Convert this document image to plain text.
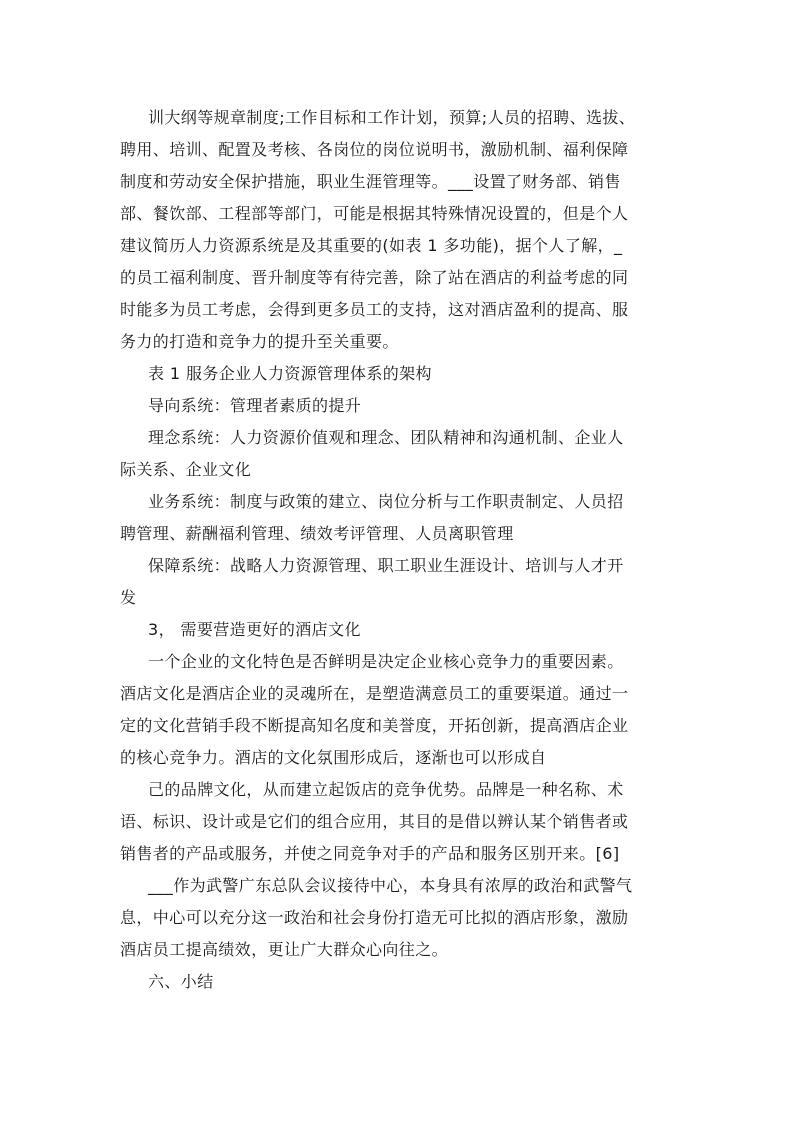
训大纲等规章制度;工作目标和工作计划，预算;人员的招聘、选拔、
聘用、培训、配置及考核、各岗位的岗位说明书，激励机制、福利保障
制度和劳动安全保护措施，职业生涯管理等。___设置了财务部、销售
部、餐饮部、工程部等部门，可能是根据其特殊情况设置的，但是个人
建议简历人力资源系统是及其重要的(如表 1 多功能)，据个人了解，_
的员工福利制度、晋升制度等有待完善，除了站在酒店的利益考虑的同
时能多为员工考虑，会得到更多员工的支持，这对酒店盈利的提高、服
务力的打造和竞争力的提升至关重要。
表 1 服务企业人力资源管理体系的架构
导向系统：管理者素质的提升
理念系统：人力资源价值观和理念、团队精神和沟通机制、企业人
际关系、企业文化
业务系统：制度与政策的建立、岗位分析与工作职责制定、人员招
聘管理、薪酬福利管理、绩效考评管理、人员离职管理
保障系统：战略人力资源管理、职工职业生涯设计、培训与人才开
发
3， 需要营造更好的酒店文化
一个企业的文化特色是否鲜明是决定企业核心竞争力的重要因素。
酒店文化是酒店企业的灵魂所在，是塑造满意员工的重要渠道。通过一
定的文化营销手段不断提高知名度和美誉度，开拓创新，提高酒店企业
的核心竞争力。酒店的文化氛围形成后，逐渐也可以形成自
己的品牌文化，从而建立起饭店的竞争优势。品牌是一种名称、术
语、标识、设计或是它们的组合应用，其目的是借以辨认某个销售者或
销售者的产品或服务，并使之同竞争对手的产品和服务区别开来。[6]
___作为武警广东总队会议接待中心，本身具有浓厚的政治和武警气
息，中心可以充分这一政治和社会身份打造无可比拟的酒店形象，激励
酒店员工提高绩效，更让广大群众心向往之。
六、小结
